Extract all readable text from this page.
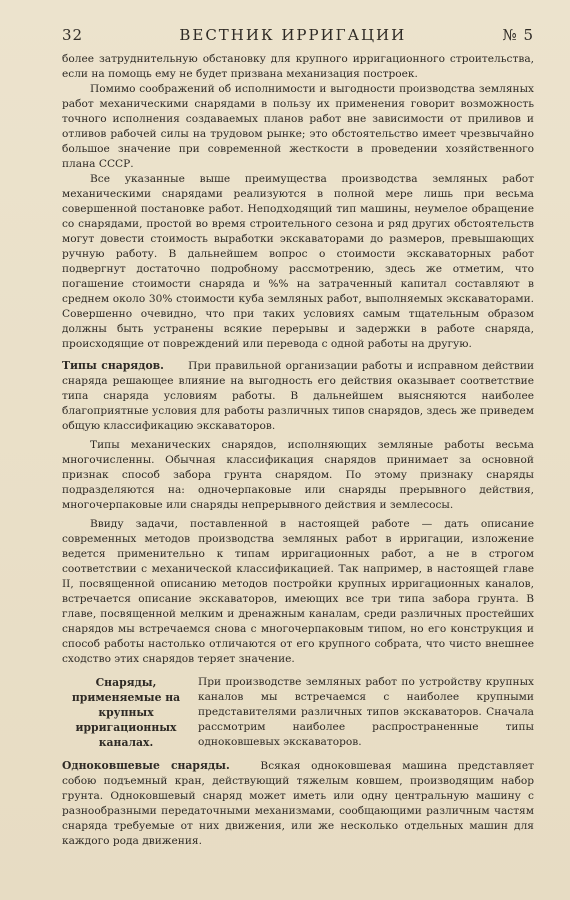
32	ВЕСТНИК ИРРИГАЦИИ	№ 5

более затруднительную обстановку для крупного ирригационного строительства, если на помощь ему не будет призвана механизация построек.

Помимо соображений об исполнимости и выгодности производства земляных работ механическими снарядами в пользу их применения говорит возможность точного исполнения создаваемых планов работ вне зависимости от приливов и отливов рабочей силы на трудовом рынке; это обстоятельство имеет чрезвычайно большое значение при современной жесткости в проведении хозяйственного плана СССР.

Все указанные выше преимущества производства земляных работ механическими снарядами реализуются в полной мере лишь при весьма совершенной постановке работ. Неподходящий тип машины, неумелое обращение со снарядами, простой во время строительного сезона и ряд других обстоятельств могут довести стоимость выработки экскаваторами до размеров, превышающих ручную работу. В дальнейшем вопрос о стоимости экскаваторных работ подвергнут достаточно подробному рассмотрению, здесь же отметим, что погашение стоимости снаряда и %% на затраченный капитал составляют в среднем около 30% стоимости куба земляных работ, выполняемых экскаваторами. Совершенно очевидно, что при таких условиях самым тщательным образом должны быть устранены всякие перерывы и задержки в работе снаряда, происходящие от повреждений или перевода с одной работы на другую.

Типы снарядов. При правильной организации работы и исправном действии снаряда решающее влияние на выгодность его действия оказывает соответствие типа снаряда условиям работы. В дальнейшем выясняются наиболее благоприятные условия для работы различных типов снарядов, здесь же приведем общую классификацию экскаваторов.

Типы механических снарядов, исполняющих земляные работы весьма многочисленны. Обычная классификация снарядов принимает за основной признак способ забора грунта снарядом. По этому признаку снаряды подразделяются на: одночерпаковые или снаряды прерывного действия, многочерпаковые или снаряды непрерывного действия и землесосы.

Ввиду задачи, поставленной в настоящей работе — дать описание современных методов производства земляных работ в ирригации, изложение ведется применительно к типам ирригационных работ, а не в строгом соответствии с механической классификацией. Так например, в настоящей главе II, посвященной описанию методов постройки крупных ирригационных каналов, встречается описание экскаваторов, имеющих все три типа забора грунта. В главе, посвященной мелким и дренажным каналам, среди различных простейших снарядов мы встречаемся снова с многочерпаковым типом, но его конструкция и способ работы настолько отличаются от его крупного собрата, что чисто внешнее сходство этих снарядов теряет значение.

Снаряды, применяемые на крупных ирригационных каналах.

При производстве земляных работ по устройству крупных каналов мы встречаемся с наиболее крупными представителями различных типов экскаваторов. Сначала рассмотрим наиболее распространенные типы одноковшевых экскаваторов.

Одноковшевые снаряды.	Всякая одноковшевая машина представляет собою подъемный кран, действующий тяжелым ковшем, производящим набор грунта. Одноковшевый снаряд может иметь или одну центральную машину с разнообразными передаточными механизмами, сообщающими различным частям снаряда требуемые от них движения, или же несколько отдельных машин для каждого рода движения.
